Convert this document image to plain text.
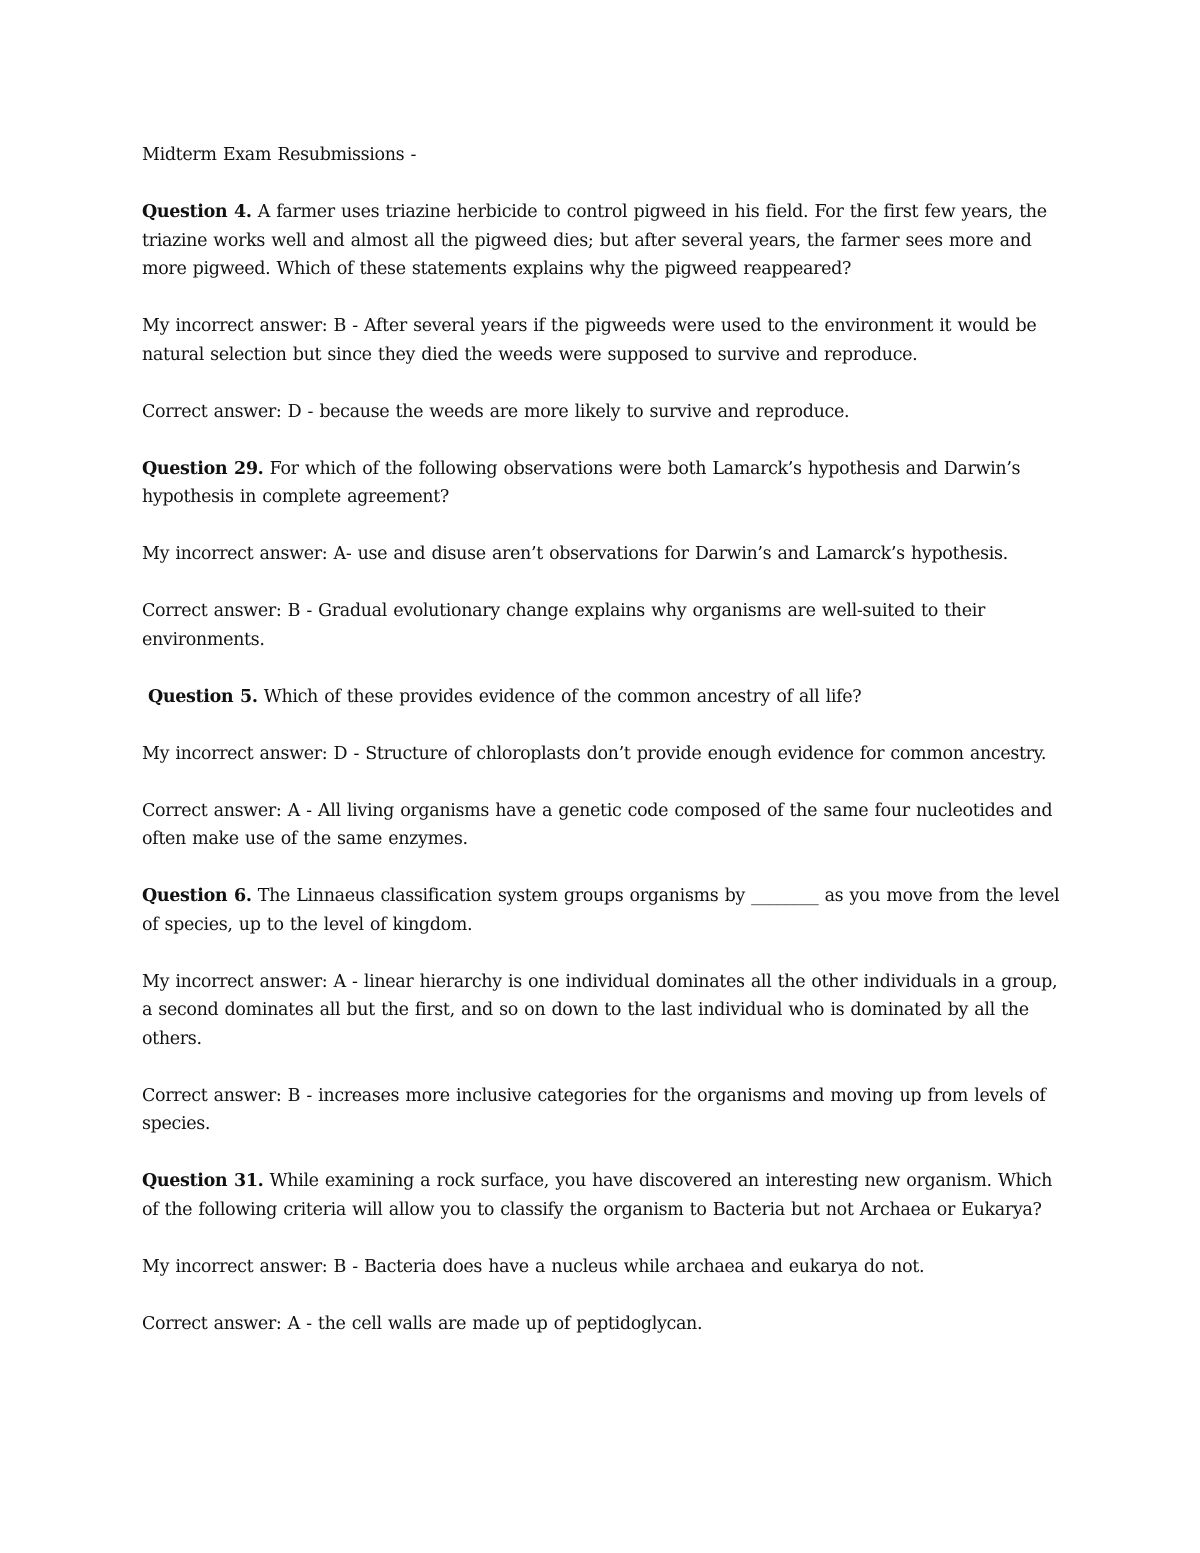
Midterm Exam Resubmissions -

Question 4. A farmer uses triazine herbicide to control pigweed in his field. For the first few years, the triazine works well and almost all the pigweed dies; but after several years, the farmer sees more and more pigweed. Which of these statements explains why the pigweed reappeared?

My incorrect answer: B - After several years if the pigweeds were used to the environment it would be natural selection but since they died the weeds were supposed to survive and reproduce.

Correct answer: D - because the weeds are more likely to survive and reproduce.

Question 29. For which of the following observations were both Lamarck’s hypothesis and Darwin’s hypothesis in complete agreement?

My incorrect answer: A- use and disuse aren’t observations for Darwin’s and Lamarck’s hypothesis.

Correct answer: B - Gradual evolutionary change explains why organisms are well-suited to their environments.

Question 5. Which of these provides evidence of the common ancestry of all life?

My incorrect answer: D - Structure of chloroplasts don’t provide enough evidence for common ancestry.

Correct answer: A - All living organisms have a genetic code composed of the same four nucleotides and often make use of the same enzymes.

Question 6. The Linnaeus classification system groups organisms by ________ as you move from the level of species, up to the level of kingdom.

My incorrect answer: A - linear hierarchy is one individual dominates all the other individuals in a group, a second dominates all but the first, and so on down to the last individual who is dominated by all the others.

Correct answer: B - increases more inclusive categories for the organisms and moving up from levels of species.

Question 31. While examining a rock surface, you have discovered an interesting new organism. Which of the following criteria will allow you to classify the organism to Bacteria but not Archaea or Eukarya?

My incorrect answer: B - Bacteria does have a nucleus while archaea and eukarya do not.

Correct answer: A - the cell walls are made up of peptidoglycan.
